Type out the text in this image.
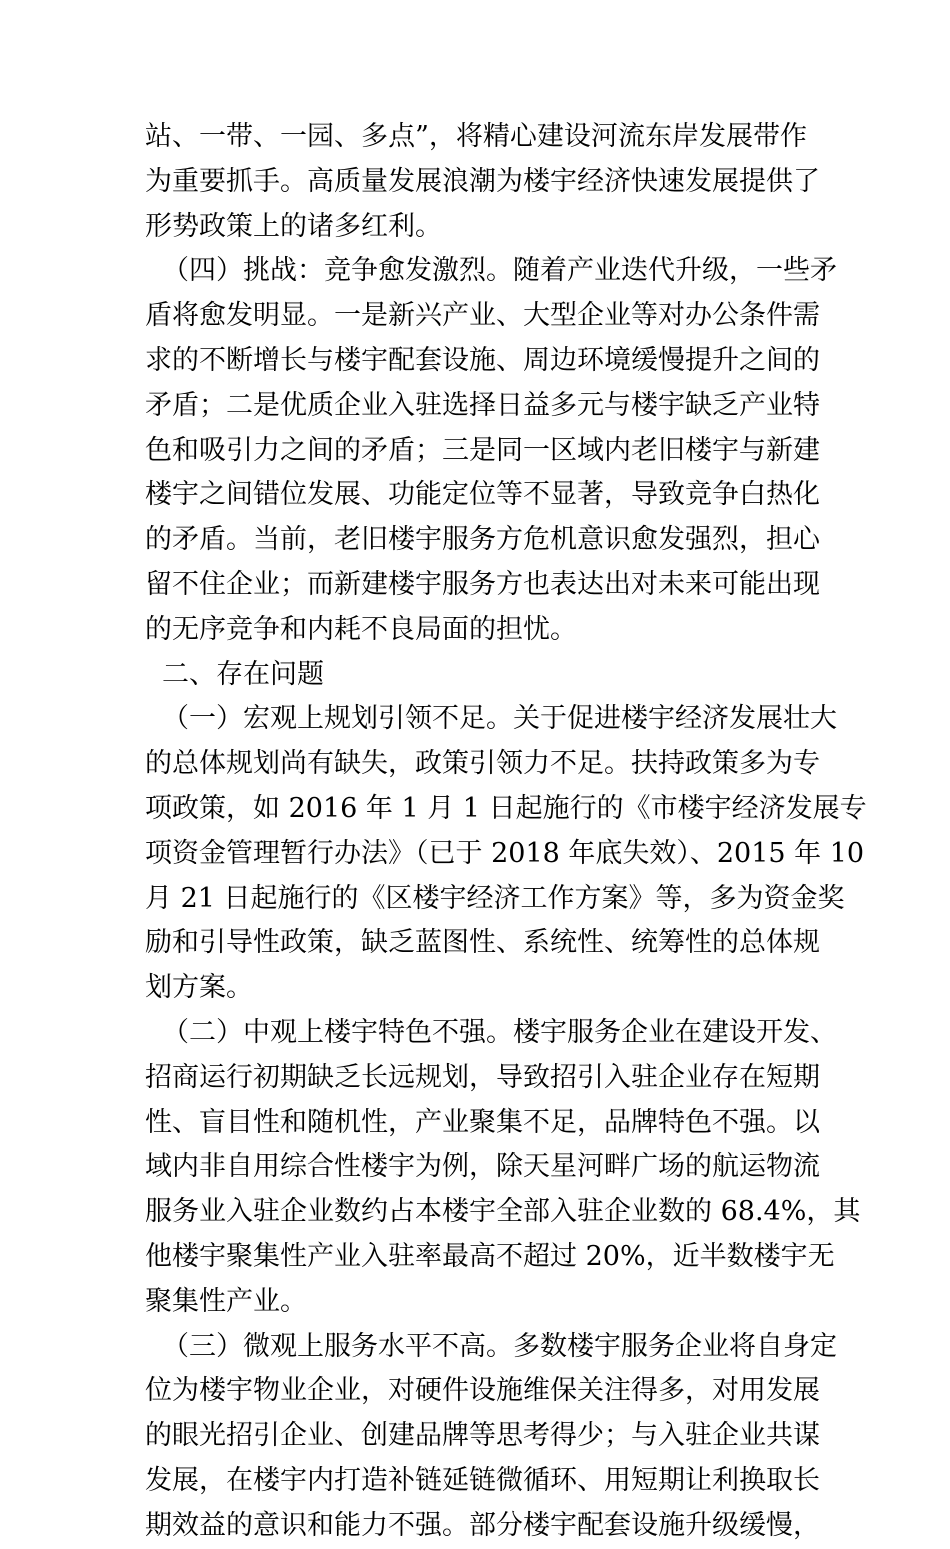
站、一带、一园、多点”，将精心建设河流东岸发展带作
为重要抓手。高质量发展浪潮为楼宇经济快速发展提供了
形势政策上的诸多红利。
（四）挑战：竞争愈发激烈。随着产业迭代升级，一些矛
盾将愈发明显。一是新兴产业、大型企业等对办公条件需
求的不断增长与楼宇配套设施、周边环境缓慢提升之间的
矛盾；二是优质企业入驻选择日益多元与楼宇缺乏产业特
色和吸引力之间的矛盾；三是同一区域内老旧楼宇与新建
楼宇之间错位发展、功能定位等不显著，导致竞争白热化
的矛盾。当前，老旧楼宇服务方危机意识愈发强烈，担心
留不住企业；而新建楼宇服务方也表达出对未来可能出现
的无序竞争和内耗不良局面的担忧。
二、存在问题
（一）宏观上规划引领不足。关于促进楼宇经济发展壮大
的总体规划尚有缺失，政策引领力不足。扶持政策多为专
项政策，如 2016 年 1 月 1 日起施行的《市楼宇经济发展专
项资金管理暂行办法》（已于 2018 年底失效）、2015 年 10
月 21 日起施行的《区楼宇经济工作方案》等，多为资金奖
励和引导性政策，缺乏蓝图性、系统性、统筹性的总体规
划方案。
（二）中观上楼宇特色不强。楼宇服务企业在建设开发、
招商运行初期缺乏长远规划，导致招引入驻企业存在短期
性、盲目性和随机性，产业聚集不足，品牌特色不强。以
域内非自用综合性楼宇为例，除天星河畔广场的航运物流
服务业入驻企业数约占本楼宇全部入驻企业数的 68.4%，其
他楼宇聚集性产业入驻率最高不超过 20%，近半数楼宇无
聚集性产业。
（三）微观上服务水平不高。多数楼宇服务企业将自身定
位为楼宇物业企业，对硬件设施维保关注得多，对用发展
的眼光招引企业、创建品牌等思考得少；与入驻企业共谋
发展，在楼宇内打造补链延链微循环、用短期让利换取长
期效益的意识和能力不强。部分楼宇配套设施升级缓慢，
